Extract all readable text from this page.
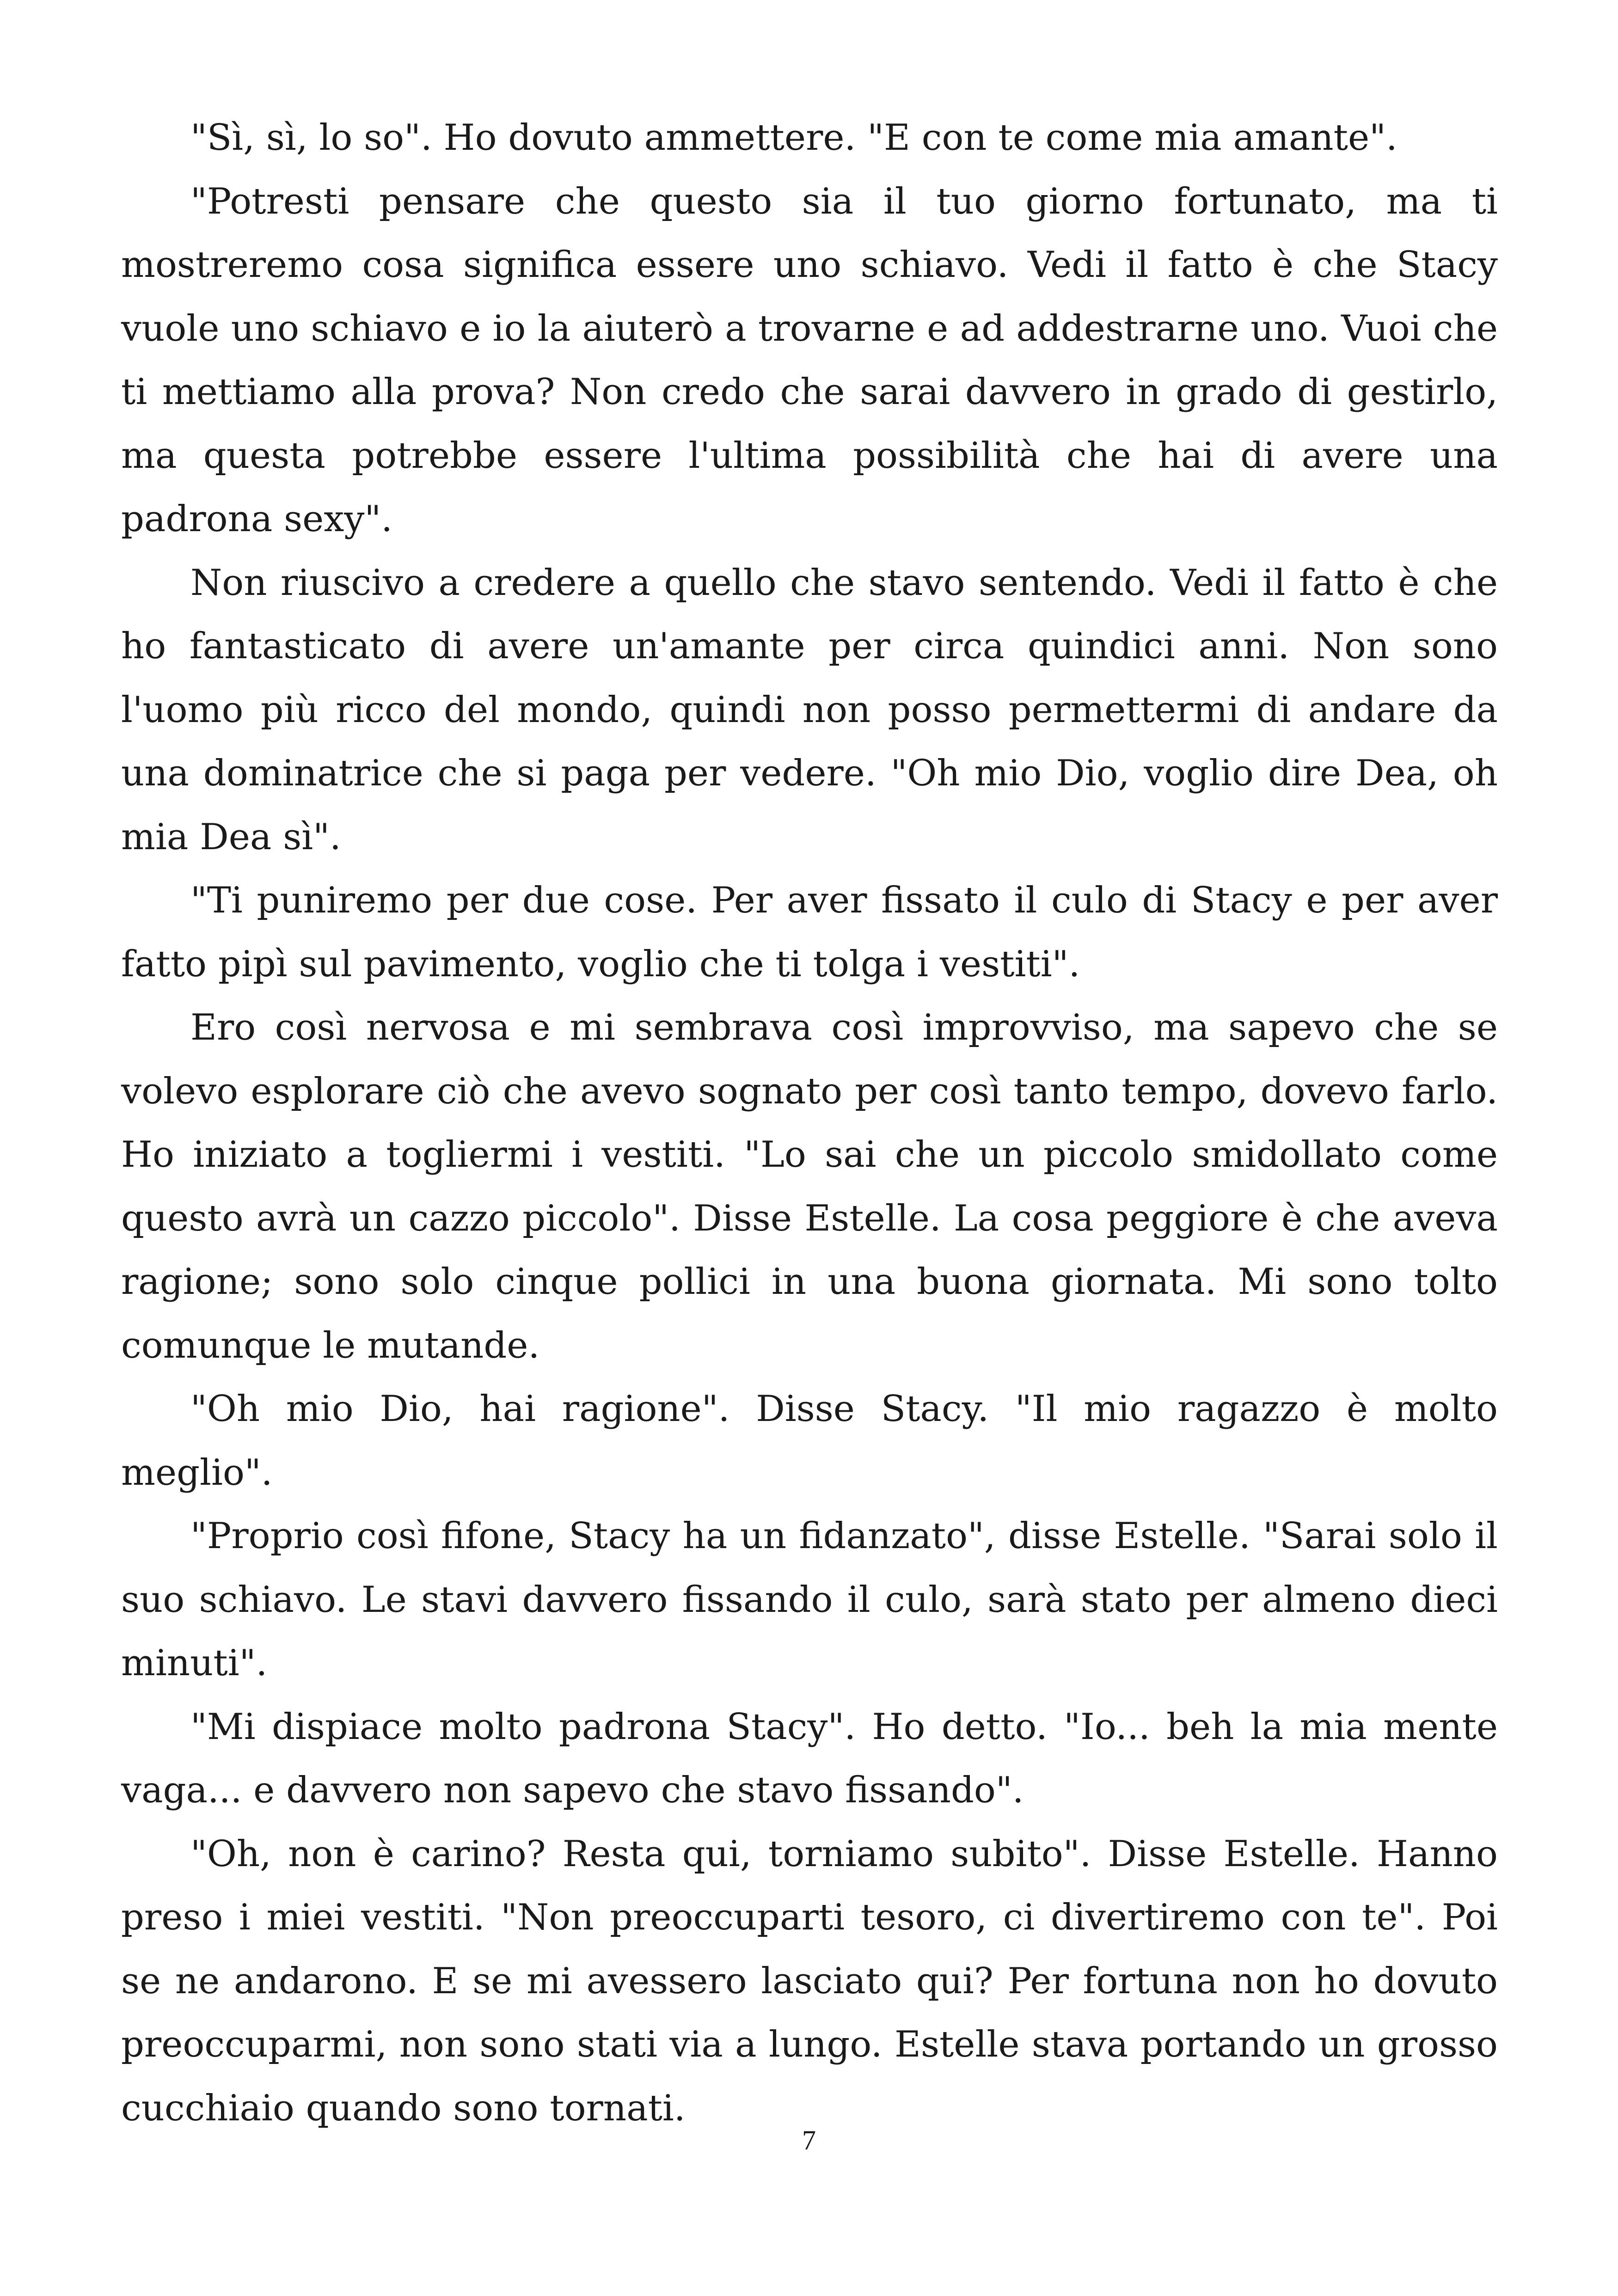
"Sì, sì, lo so". Ho dovuto ammettere. "E con te come mia amante".

"Potresti pensare che questo sia il tuo giorno fortunato, ma ti mostreremo cosa significa essere uno schiavo. Vedi il fatto è che Stacy vuole uno schiavo e io la aiuterò a trovarne e ad addestrarne uno. Vuoi che ti mettiamo alla prova? Non credo che sarai davvero in grado di gestirlo, ma questa potrebbe essere l'ultima possibilità che hai di avere una padrona sexy".

Non riuscivo a credere a quello che stavo sentendo. Vedi il fatto è che ho fantasticato di avere un'amante per circa quindici anni. Non sono l'uomo più ricco del mondo, quindi non posso permettermi di andare da una dominatrice che si paga per vedere. "Oh mio Dio, voglio dire Dea, oh mia Dea sì".

"Ti puniremo per due cose. Per aver fissato il culo di Stacy e per aver fatto pipì sul pavimento, voglio che ti tolga i vestiti".

Ero così nervosa e mi sembrava così improvviso, ma sapevo che se volevo esplorare ciò che avevo sognato per così tanto tempo, dovevo farlo. Ho iniziato a togliermi i vestiti. "Lo sai che un piccolo smidollato come questo avrà un cazzo piccolo". Disse Estelle. La cosa peggiore è che aveva ragione; sono solo cinque pollici in una buona giornata. Mi sono tolto comunque le mutande.

"Oh mio Dio, hai ragione". Disse Stacy. "Il mio ragazzo è molto meglio".

"Proprio così fifone, Stacy ha un fidanzato", disse Estelle. "Sarai solo il suo schiavo. Le stavi davvero fissando il culo, sarà stato per almeno dieci minuti".

"Mi dispiace molto padrona Stacy". Ho detto. "Io... beh la mia mente vaga... e davvero non sapevo che stavo fissando".

"Oh, non è carino? Resta qui, torniamo subito". Disse Estelle. Hanno preso i miei vestiti. "Non preoccuparti tesoro, ci divertiremo con te". Poi se ne andarono. E se mi avessero lasciato qui? Per fortuna non ho dovuto preoccuparmi, non sono stati via a lungo. Estelle stava portando un grosso cucchiaio quando sono tornati.

7
